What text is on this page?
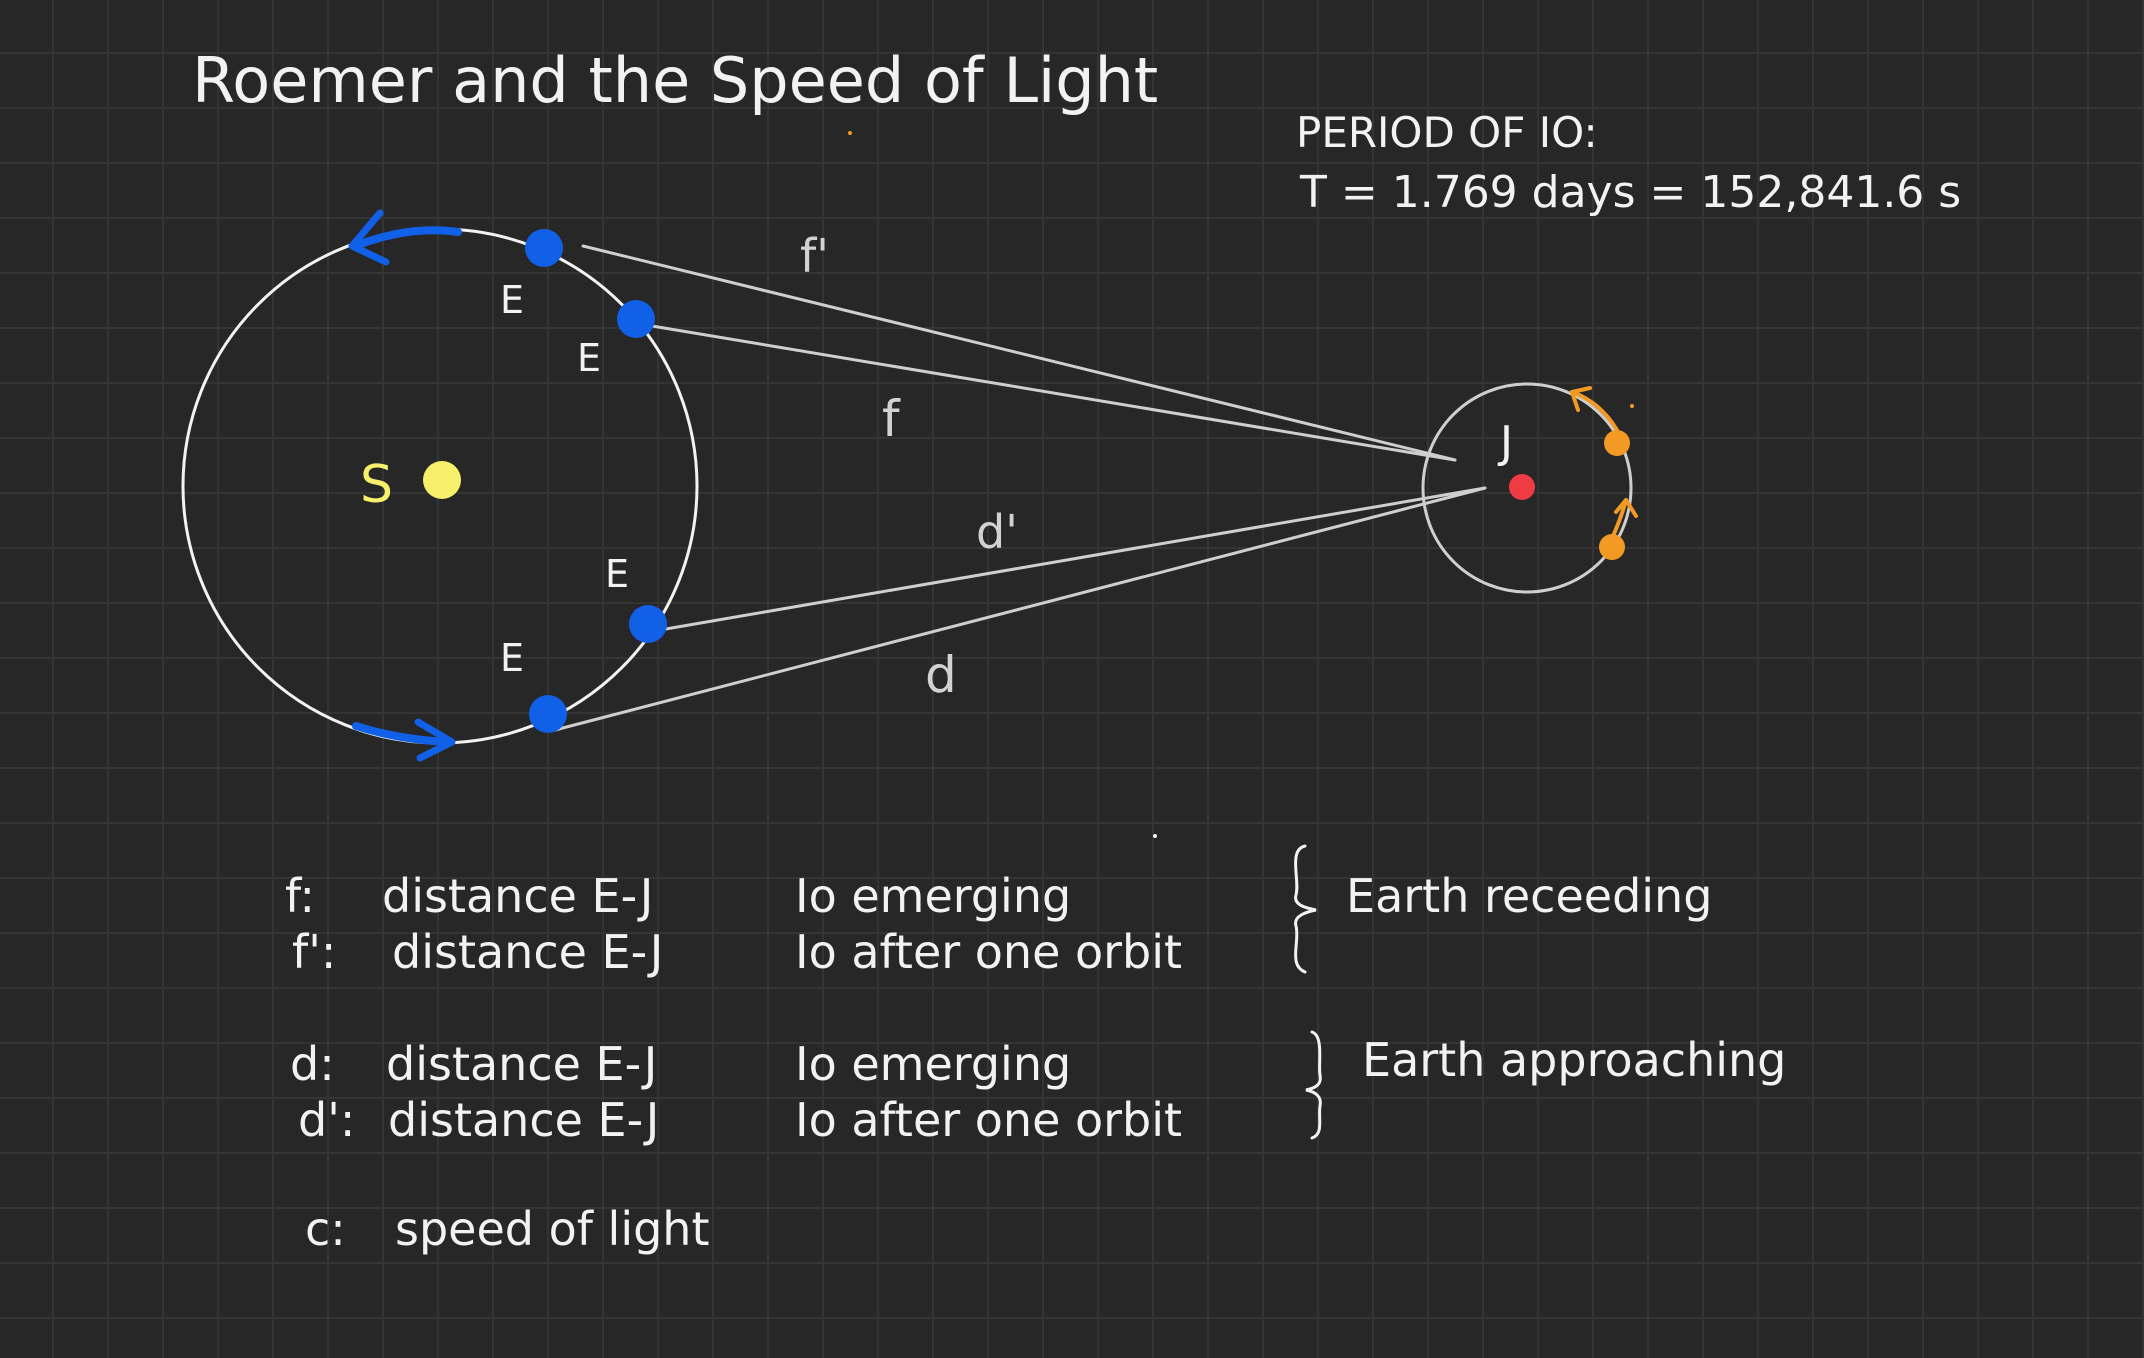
Roemer and the Speed of Light
PERIOD OF IO:
T = 1.769 days = 152,841.6 s
S
E
E
E
E
f'
f
d'
d
J
f: distance E-J	Io emerging
f': distance E-J	Io after one orbit
d: distance E-J	Io emerging
d': distance E-J	Io after one orbit
Earth receeding
Earth approaching
c: speed of light
